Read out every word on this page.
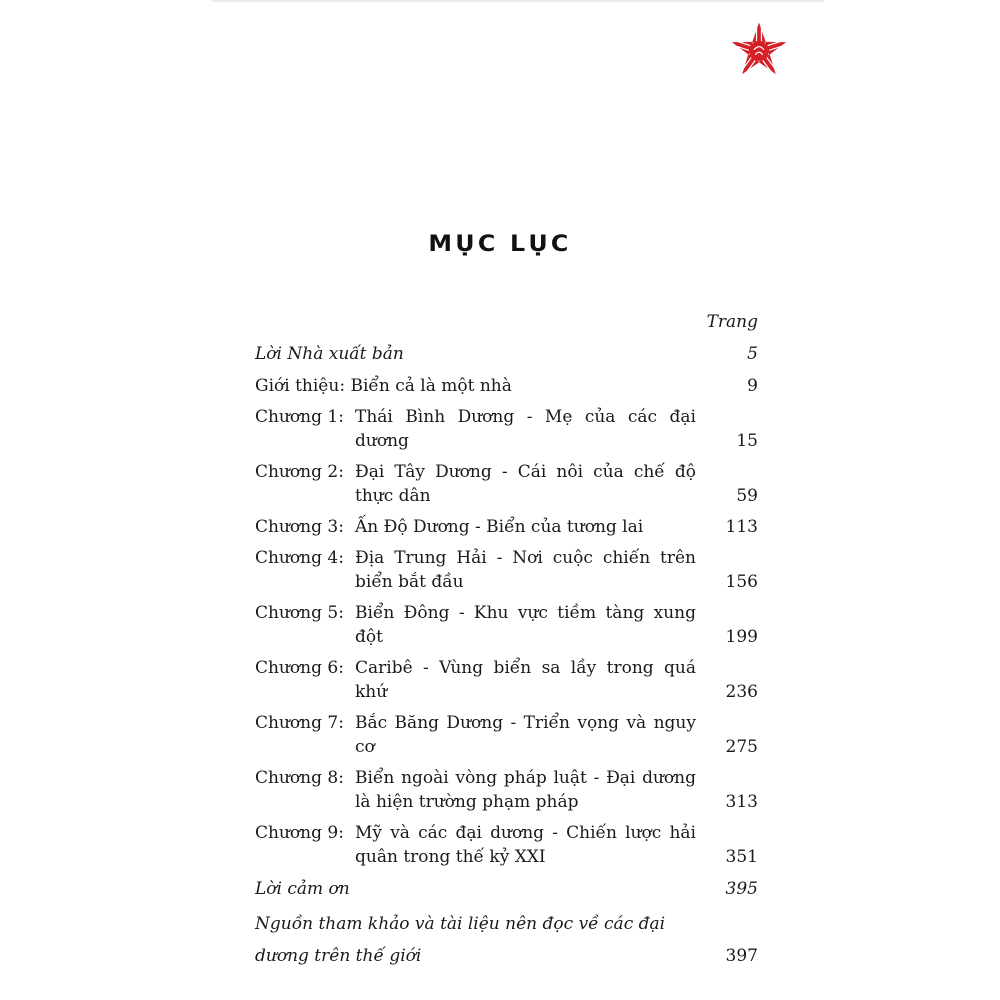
MỤC LỤC
Trang
Lời Nhà xuất bản	5
Giới thiệu: Biển cả là một nhà	9
Chương 1: Thái Bình Dương - Mẹ của các đại dương	15
Chương 2: Đại Tây Dương - Cái nôi của chế độ thực dân	59
Chương 3: Ấn Độ Dương - Biển của tương lai	113
Chương 4: Địa Trung Hải - Nơi cuộc chiến trên biển bắt đầu	156
Chương 5: Biển Đông - Khu vực tiềm tàng xung đột	199
Chương 6: Caribê - Vùng biển sa lầy trong quá khứ	236
Chương 7: Bắc Băng Dương - Triển vọng và nguy cơ	275
Chương 8: Biển ngoài vòng pháp luật - Đại dương là hiện trường phạm pháp	313
Chương 9: Mỹ và các đại dương - Chiến lược hải quân trong thế kỷ XXI	351
Lời cảm ơn	395
Nguồn tham khảo và tài liệu nên đọc về các đại dương trên thế giới	397
